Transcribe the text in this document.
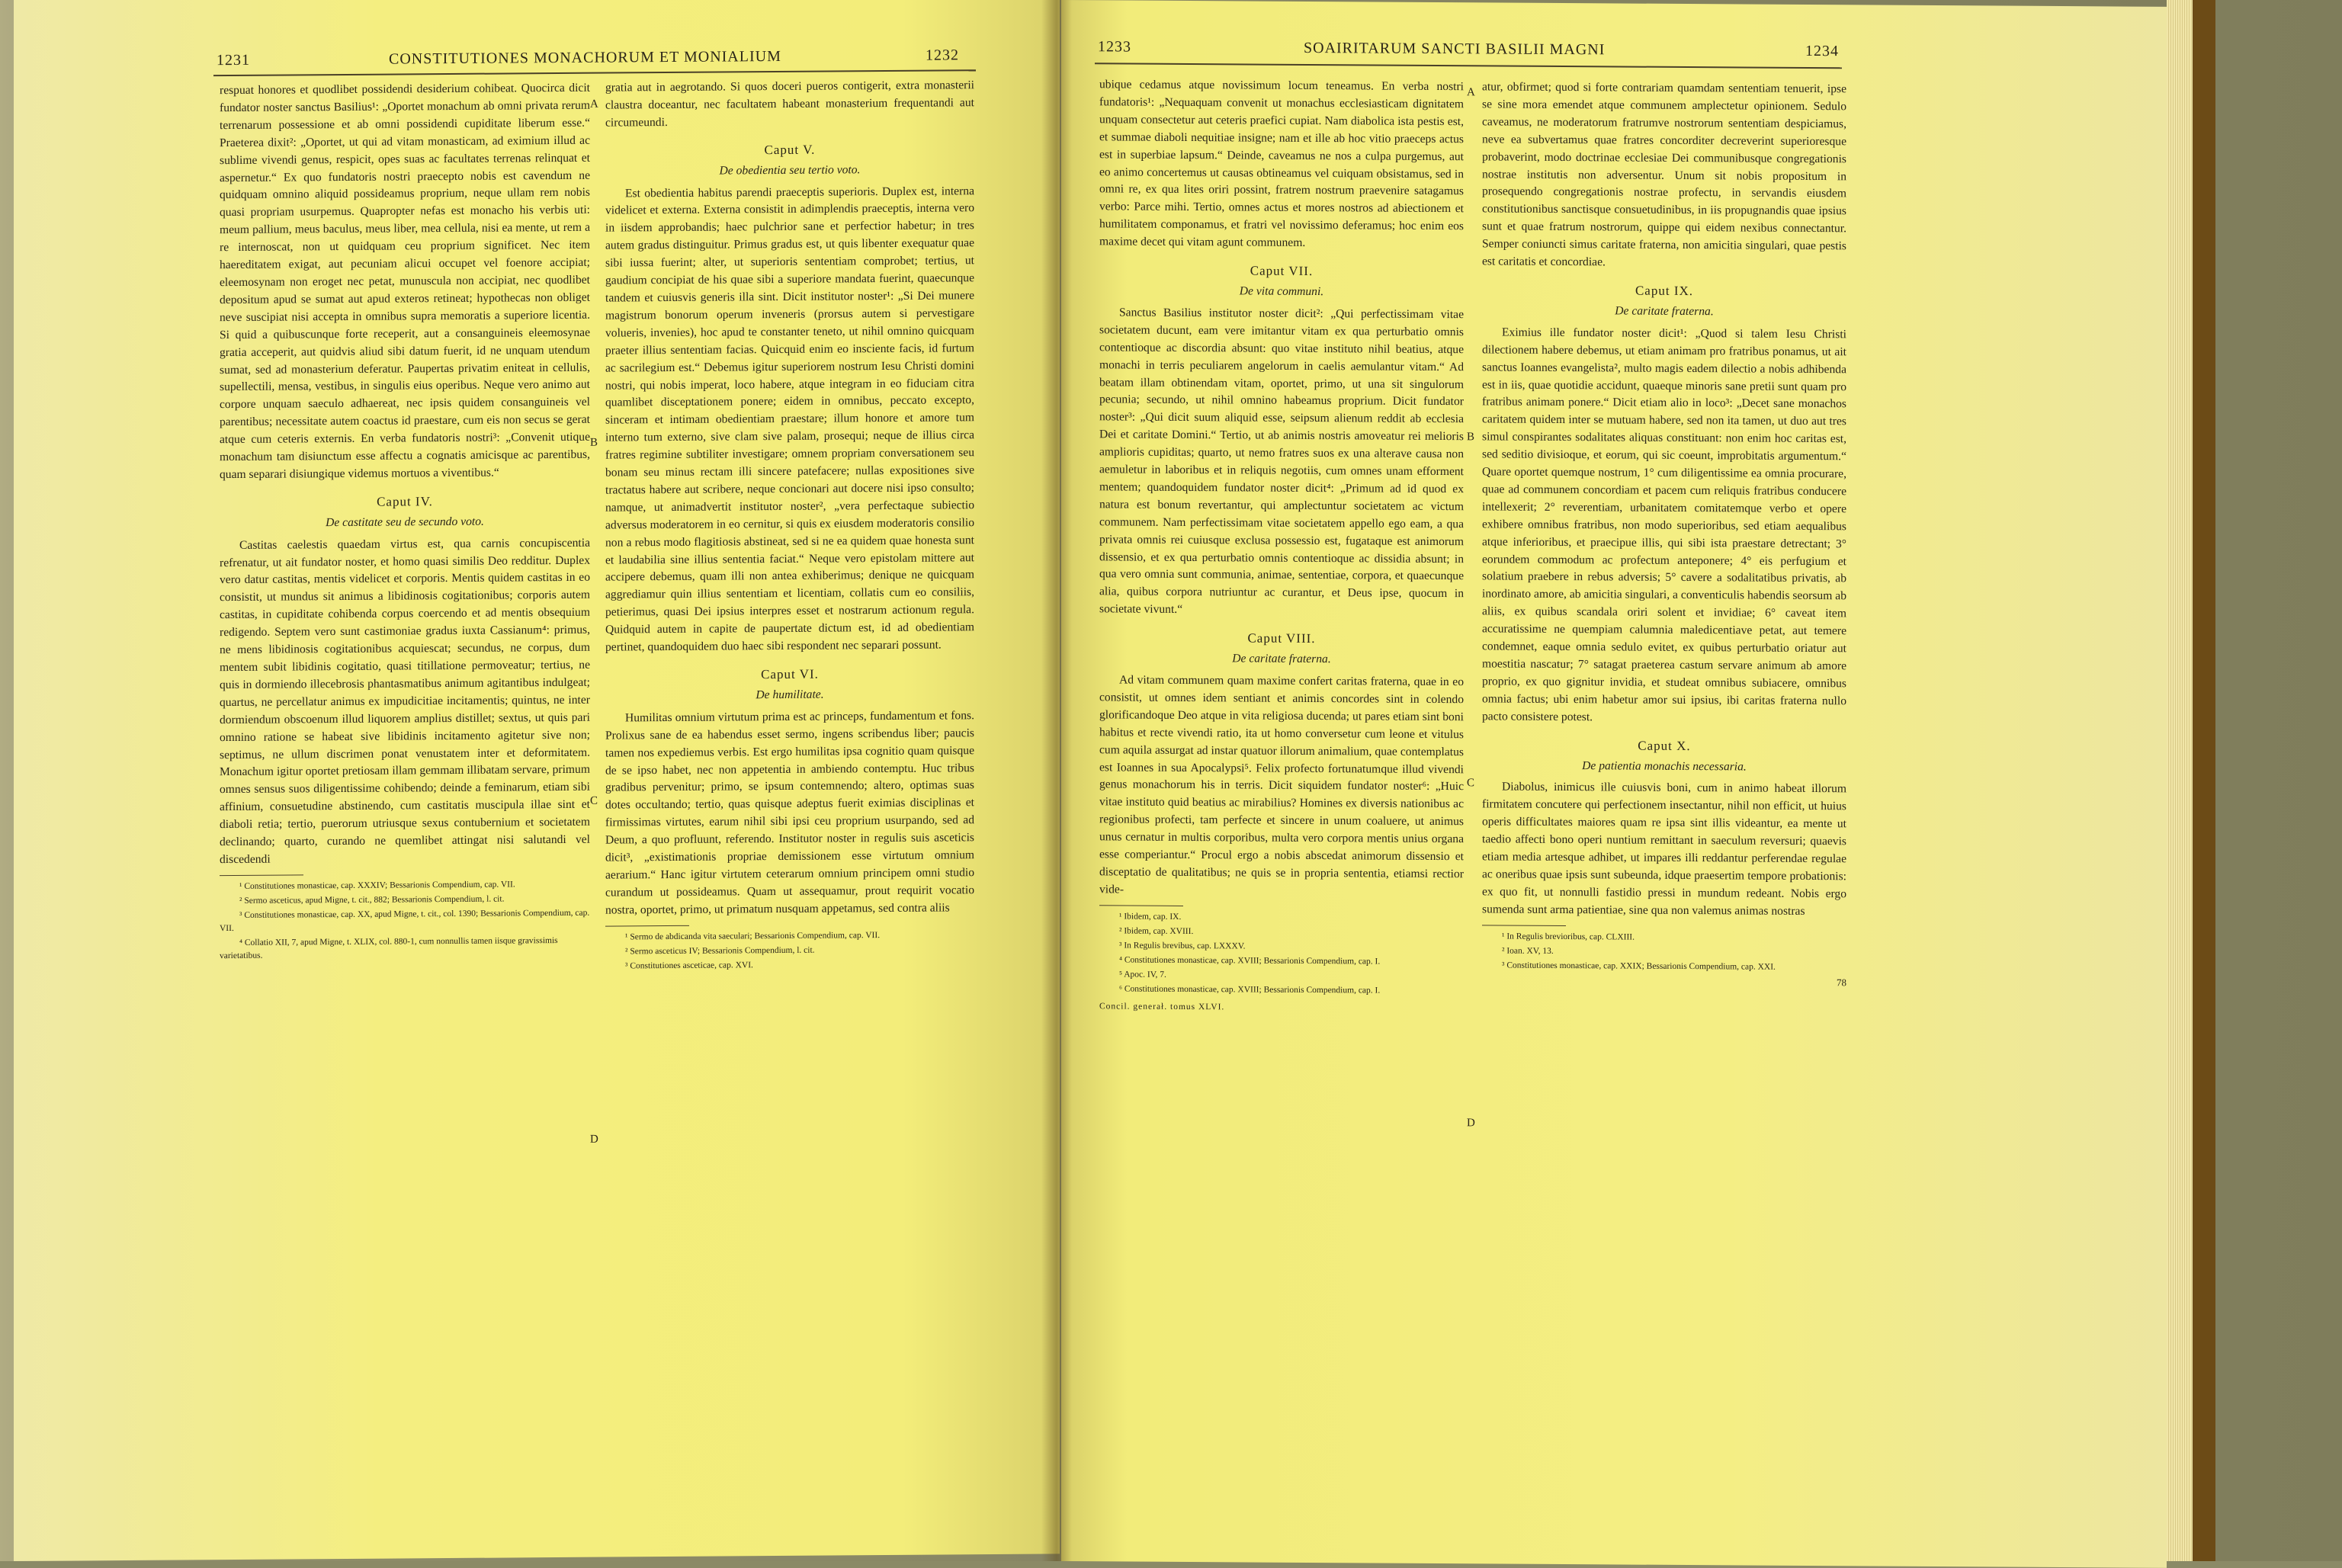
1231	CONSTITUTIONES MONACHORUM ET MONIALIUM	1232

respuat honores et quodlibet possidendi desiderium cohibeat. Quocirca dicit fundator noster sanctus Basilius¹: „Oportet monachum ab omni privata rerum terrenarum possessione et ab omni possidendi cupiditate liberum esse.“ Praeterea dixit²: „Oportet, ut qui ad vitam monasticam, ad eximium illud ac sublime vivendi genus, respicit, opes suas ac facultates terrenas relinquat et aspernetur.“ Ex quo fundatoris nostri praecepto nobis est cavendum ne quidquam omnino aliquid possideamus proprium, neque ullam rem nobis quasi propriam usurpemus. Quapropter nefas est monacho his verbis uti: meum pallium, meus baculus, meus liber, mea cellula, nisi ea mente, ut rem a re internoscat, non ut quidquam ceu proprium significet. Nec item haereditatem exigat, aut pecuniam alicui occupet vel foenore accipiat; eleemosynam non eroget nec petat, munuscula non accipiat, nec quodlibet depositum apud se sumat aut apud exteros retineat; hypothecas non obliget neve suscipiat nisi accepta in omnibus supra memoratis a superiore licentia. Si quid a quibuscunque forte receperit, aut a consanguineis eleemosynae gratia acceperit, aut quidvis aliud sibi datum fuerit, id ne unquam utendum sumat, sed ad monasterium deferatur. Paupertas privatim eniteat in cellulis, supellectili, mensa, vestibus, in singulis eius operibus. Neque vero animo aut corpore unquam saeculo adhaereat, nec ipsis quidem consanguineis vel parentibus; necessitate autem coactus id praestare, cum eis non secus se gerat atque cum ceteris externis. En verba fundatoris nostri³: „Convenit utique monachum tam disiunctum esse affectu a cognatis amicisque ac parentibus, quam separari disiungique videmus mortuos a viventibus.“

Caput IV.
De castitate seu de secundo voto.

Castitas caelestis quaedam virtus est, qua carnis concupiscentia refrenatur, ut ait fundator noster, et homo quasi similis Deo redditur. Duplex vero datur castitas, mentis videlicet et corporis. Mentis quidem castitas in eo consistit, ut mundus sit animus a libidinosis cogitationibus; corporis autem castitas, in cupiditate cohibenda corpus coercendo et ad mentis obsequium redigendo. Septem vero sunt castimoniae gradus iuxta Cassianum⁴: primus, ne mens libidinosis cogitationibus acquiescat; secundus, ne corpus, dum mentem subit libidinis cogitatio, quasi titillatione permoveatur; tertius, ne quis in dormiendo illecebrosis phantasmatibus animum agitantibus indulgeat; quartus, ne percellatur animus ex impudicitiae incitamentis; quintus, ne inter dormiendum obscoenum illud liquorem amplius distillet; sextus, ut quis pari omnino ratione se habeat sive libidinis incitamento agitetur sive non; septimus, ne ullum discrimen ponat venustatem inter et deformitatem. Monachum igitur oportet pretiosam illam gemmam illibatam servare, primum omnes sensus suos diligentissime cohibendo; deinde a feminarum, etiam sibi affinium, consuetudine abstinendo, cum castitatis muscipula illae sint et diaboli retia; tertio, puerorum utriusque sexus contubernium et societatem declinando; quarto, curando ne quemlibet attingat nisi salutandi vel discedendi

¹ Constitutiones monasticae, cap. XXXIV; Bessarionis Compendium, cap. VII.

² Sermo asceticus, apud Migne, t. cit., 882; Bessarionis Compendium, l. cit.

³ Constitutiones monasticae, cap. XX, apud Migne, t. cit., col. 1390; Bessarionis Compendium, cap. VII.

⁴ Collatio XII, 7, apud Migne, t. XLIX, col. 880-1, cum nonnullis tamen iisque gravissimis varietatibus.

A
B
C
D

gratia aut in aegrotando. Si quos doceri pueros contigerit, extra monasterii claustra doceantur, nec facultatem habeant monasterium frequentandi aut circumeundi.

Caput V.
De obedientia seu tertio voto.

Est obedientia habitus parendi praeceptis superioris. Duplex est, interna videlicet et externa. Externa consistit in adimplendis praeceptis, interna vero in iisdem approbandis; haec pulchrior sane et perfectior habetur; in tres autem gradus distinguitur. Primus gradus est, ut quis libenter exequatur quae sibi iussa fuerint; alter, ut superioris sententiam comprobet; tertius, ut gaudium concipiat de his quae sibi a superiore mandata fuerint, quaecunque tandem et cuiusvis generis illa sint. Dicit institutor noster¹: „Si Dei munere magistrum bonorum operum inveneris (prorsus autem si pervestigare volueris, invenies), hoc apud te constanter teneto, ut nihil omnino quicquam praeter illius sententiam facias. Quicquid enim eo insciente facis, id furtum ac sacrilegium est.“ Debemus igitur superiorem nostrum Iesu Christi domini nostri, qui nobis imperat, loco habere, atque integram in eo fiduciam citra quamlibet disceptationem ponere; eidem in omnibus, peccato excepto, sinceram et intimam obedientiam praestare; illum honore et amore tum interno tum externo, sive clam sive palam, prosequi; neque de illius circa fratres regimine subtiliter investigare; omnem propriam conversationem seu bonam seu minus rectam illi sincere patefacere; nullas expositiones sive tractatus habere aut scribere, neque concionari aut docere nisi ipso consulto; namque, ut animadvertit institutor noster², „vera perfectaque subiectio adversus moderatorem in eo cernitur, si quis ex eiusdem moderatoris consilio non a rebus modo flagitiosis abstineat, sed si ne ea quidem quae honesta sunt et laudabilia sine illius sententia faciat.“ Neque vero epistolam mittere aut accipere debemus, quam illi non antea exhiberimus; denique ne quicquam aggrediamur quin illius sententiam et licentiam, collatis cum eo consiliis, petierimus, quasi Dei ipsius interpres esset et nostrarum actionum regula. Quidquid autem in capite de paupertate dictum est, id ad obedientiam pertinet, quandoquidem duo haec sibi respondent nec separari possunt.

Caput VI.
De humilitate.

Humilitas omnium virtutum prima est ac princeps, fundamentum et fons. Prolixus sane de ea habendus esset sermo, ingens scribendus liber; paucis tamen nos expediemus verbis. Est ergo humilitas ipsa cognitio quam quisque de se ipso habet, nec non appetentia in ambiendo contemptu. Huc tribus gradibus pervenitur; primo, se ipsum contemnendo; altero, optimas suas dotes occultando; tertio, quas quisque adeptus fuerit eximias disciplinas et firmissimas virtutes, earum nihil sibi ipsi ceu proprium usurpando, sed ad Deum, a quo profluunt, referendo. Institutor noster in regulis suis asceticis dicit³, „existimationis propriae demissionem esse virtutum omnium aerarium.“ Hanc igitur virtutem ceterarum omnium principem omni studio curandum ut possideamus. Quam ut assequamur, prout requirit vocatio nostra, oportet, primo, ut primatum nusquam appetamus, sed contra aliis

¹ Sermo de abdicanda vita saeculari; Bessarionis Compendium, cap. VII.

² Sermo asceticus IV; Bessarionis Compendium, l. cit.

³ Constitutiones asceticae, cap. XVI.

1233	SOAIRITARUM SANCTI BASILII MAGNI	1234

ubique cedamus atque novissimum locum teneamus. En verba nostri fundatoris¹: „Nequaquam convenit ut monachus ecclesiasticam dignitatem unquam consectetur aut ceteris praefici cupiat. Nam diabolica ista pestis est, et summae diaboli nequitiae insigne; nam et ille ab hoc vitio praeceps actus est in superbiae lapsum.“ Deinde, caveamus ne nos a culpa purgemus, aut eo animo concertemus ut causas obtineamus vel cuiquam obsistamus, sed in omni re, ex qua lites oriri possint, fratrem nostrum praevenire satagamus verbo: Parce mihi. Tertio, omnes actus et mores nostros ad abiectionem et humilitatem componamus, et fratri vel novissimo deferamus; hoc enim eos maxime decet qui vitam agunt communem.

Caput VII.
De vita communi.

Sanctus Basilius institutor noster dicit²: „Qui perfectissimam vitae societatem ducunt, eam vere imitantur vitam ex qua perturbatio omnis contentioque ac discordia absunt: quo vitae instituto nihil beatius, atque monachi in terris peculiarem angelorum in caelis aemulantur vitam.“ Ad beatam illam obtinendam vitam, oportet, primo, ut una sit singulorum pecunia; secundo, ut nihil omnino habeamus proprium. Dicit fundator noster³: „Qui dicit suum aliquid esse, seipsum alienum reddit ab ecclesia Dei et caritate Domini.“ Tertio, ut ab animis nostris amoveatur rei melioris amplioris cupiditas; quarto, ut nemo fratres suos ex una alterave causa non aemuletur in laboribus et in reliquis negotiis, cum omnes unam efforment mentem; quandoquidem fundator noster dicit⁴: „Primum ad id quod ex natura est bonum revertantur, qui amplectuntur societatem ac victum communem. Nam perfectissimam vitae societatem appello ego eam, a qua privata omnis rei cuiusque exclusa possessio est, fugataque est animorum dissensio, et ex qua perturbatio omnis contentioque ac dissidia absunt; in qua vero omnia sunt communia, animae, sententiae, corpora, et quaecunque alia, quibus corpora nutriuntur ac curantur, et Deus ipse, quocum in societate vivunt.“

Caput VIII.
De caritate fraterna.

Ad vitam communem quam maxime confert caritas fraterna, quae in eo consistit, ut omnes idem sentiant et animis concordes sint in colendo glorificandoque Deo atque in vita religiosa ducenda; ut pares etiam sint boni habitus et recte vivendi ratio, ita ut homo conversetur cum leone et vitulus cum aquila assurgat ad instar quatuor illorum animalium, quae contemplatus est Ioannes in sua Apocalypsi⁵. Felix profecto fortunatumque illud vivendi genus monachorum his in terris. Dicit siquidem fundator noster⁶: „Huic vitae instituto quid beatius ac mirabilius? Homines ex diversis nationibus ac regionibus profecti, tam perfecte et sincere in unum coaluere, ut animus unus cernatur in multis corporibus, multa vero corpora mentis unius organa esse comperiantur.“ Procul ergo a nobis abscedat animorum dissensio et disceptatio de qualitatibus; ne quis se in propria sententia, etiamsi rectior vide-

¹ Ibidem, cap. IX.

² Ibidem, cap. XVIII.

³ In Regulis brevibus, cap. LXXXV.

⁴ Constitutiones monasticae, cap. XVIII; Bessarionis Compendium, cap. I.

⁵ Apoc. IV, 7.

⁶ Constitutiones monasticae, cap. XVIII; Bessarionis Compendium, cap. I.

Concil. generał. tomus XLVI.

A
B
C
D

atur, obfirmet; quod si forte contrariam quamdam sententiam tenuerit, ipse se sine mora emendet atque communem amplectetur opinionem. Sedulo caveamus, ne moderatorum fratrumve nostrorum sententiam despiciamus, neve ea subvertamus quae fratres concorditer decreverint superioresque probaverint, modo doctrinae ecclesiae Dei communibusque congregationis nostrae institutis non adversentur. Unum sit nobis propositum in prosequendo congregationis nostrae profectu, in servandis eiusdem constitutionibus sanctisque consuetudinibus, in iis propugnandis quae ipsius sunt et quae fratrum nostrorum, quippe qui eidem nexibus connectantur. Semper coniuncti simus caritate fraterna, non amicitia singulari, quae pestis est caritatis et concordiae.

Caput IX.
De caritate fraterna.

Eximius ille fundator noster dicit¹: „Quod si talem Iesu Christi dilectionem habere debemus, ut etiam animam pro fratribus ponamus, ut ait sanctus Ioannes evangelista², multo magis eadem dilectio a nobis adhibenda est in iis, quae quotidie accidunt, quaeque minoris sane pretii sunt quam pro fratribus animam ponere.“ Dicit etiam alio in loco³: „Decet sane monachos caritatem quidem inter se mutuam habere, sed non ita tamen, ut duo aut tres simul conspirantes sodalitates aliquas constituant: non enim hoc caritas est, sed seditio divisioque, et eorum, qui sic coeunt, improbitatis argumentum.“ Quare oportet quemque nostrum, 1° cum diligentissime ea omnia procurare, quae ad communem concordiam et pacem cum reliquis fratribus conducere intellexerit; 2° reverentiam, urbanitatem comitatemque verbo et opere exhibere omnibus fratribus, non modo superioribus, sed etiam aequalibus atque inferioribus, et praecipue illis, qui sibi ista praestare detrectant; 3° eorundem commodum ac profectum anteponere; 4° eis perfugium et solatium praebere in rebus adversis; 5° cavere a sodalitatibus privatis, ab inordinato amore, ab amicitia singulari, a conventiculis habendis seorsum ab aliis, ex quibus scandala oriri solent et invidiae; 6° caveat item accuratissime ne quempiam calumnia maledicentiave petat, aut temere condemnet, eaque omnia sedulo evitet, ex quibus perturbatio oriatur aut moestitia nascatur; 7° satagat praeterea castum servare animum ab amore proprio, ex quo gignitur invidia, et studeat omnibus subiacere, omnibus omnia factus; ubi enim habetur amor sui ipsius, ibi caritas fraterna nullo pacto consistere potest.

Caput X.
De patientia monachis necessaria.

Diabolus, inimicus ille cuiusvis boni, cum in animo habeat illorum firmitatem concutere qui perfectionem insectantur, nihil non efficit, ut huius operis difficultates maiores quam re ipsa sint illis videantur, ea mente ut taedio affecti bono operi nuntium remittant in saeculum reversuri; quaevis etiam media artesque adhibet, ut impares illi reddantur perferendae regulae ac oneribus quae ipsis sunt subeunda, idque praesertim tempore probationis: ex quo fit, ut nonnulli fastidio pressi in mundum redeant. Nobis ergo sumenda sunt arma patientiae, sine qua non valemus animas nostras

¹ In Regulis brevioribus, cap. CLXIII.

² Ioan. XV, 13.

³ Constitutiones monasticae, cap. XXIX; Bessarionis Compendium, cap. XXI.

78
